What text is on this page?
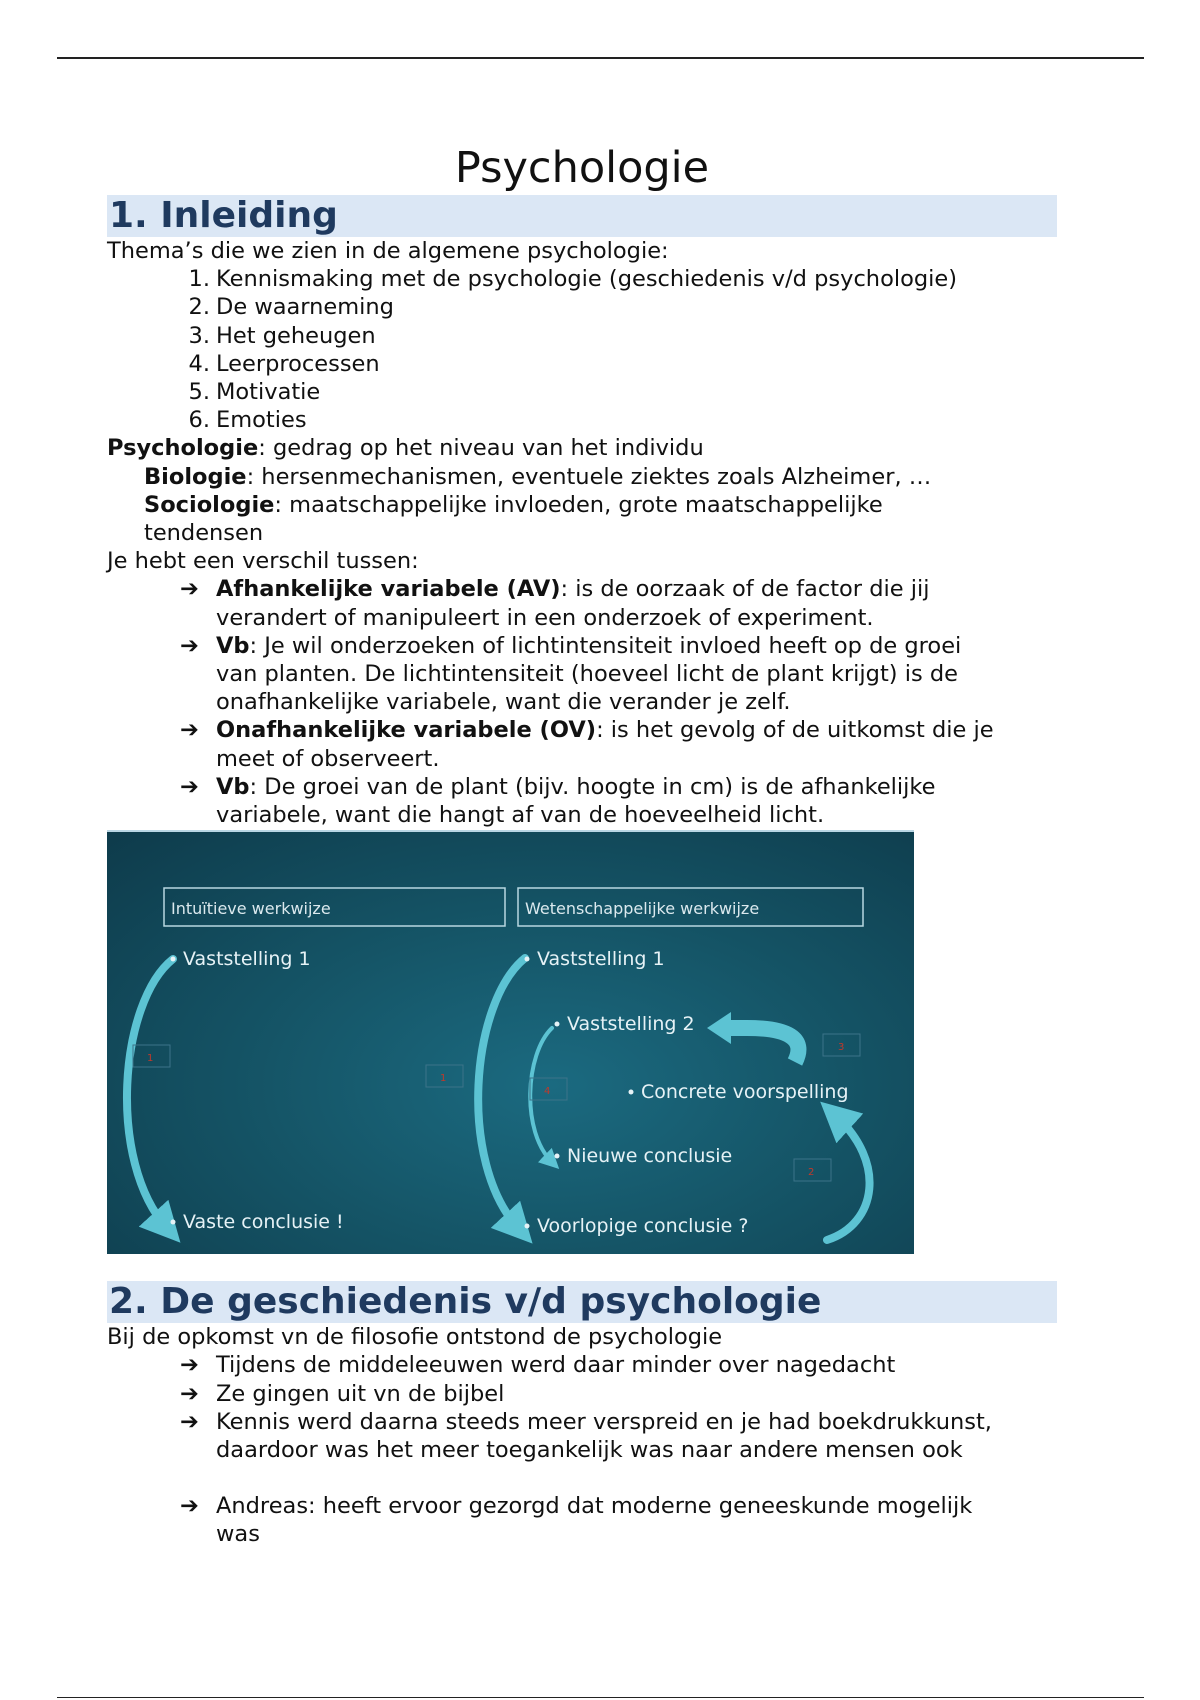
Psychologie
1. Inleiding
Thema’s die we zien in de algemene psychologie:
1. Kennismaking met de psychologie (geschiedenis v/d psychologie)
2. De waarneming
3. Het geheugen
4. Leerprocessen
5. Motivatie
6. Emoties
Psychologie: gedrag op het niveau van het individu
Biologie: hersenmechanismen, eventuele ziektes zoals Alzheimer, …
Sociologie: maatschappelijke invloeden, grote maatschappelijke
tendensen
Je hebt een verschil tussen:
➔ Afhankelijke variabele (AV): is de oorzaak of de factor die jij
verandert of manipuleert in een onderzoek of experiment.
➔ Vb: Je wil onderzoeken of lichtintensiteit invloed heeft op de groei
van planten. De lichtintensiteit (hoeveel licht de plant krijgt) is de
onafhankelijke variabele, want die verander je zelf.
➔ Onafhankelijke variabele (OV): is het gevolg of de uitkomst die je
meet of observeert.
➔ Vb: De groei van de plant (bijv. hoogte in cm) is de afhankelijke
variabele, want die hangt af van de hoeveelheid licht.
Intuïtieve werkwijze	Wetenschappelijke werkwijze
1
1
4
3
2
Vaststelling 1
Vaste conclusie !
Vaststelling 1
Vaststelling 2
Concrete voorspelling
Nieuwe conclusie
Voorlopige conclusie ?
2. De geschiedenis v/d psychologie
Bij de opkomst vn de filosofie ontstond de psychologie
➔ Tijdens de middeleeuwen werd daar minder over nagedacht
➔ Ze gingen uit vn de bijbel
➔ Kennis werd daarna steeds meer verspreid en je had boekdrukkunst,
daardoor was het meer toegankelijk was naar andere mensen ook
➔ Andreas: heeft ervoor gezorgd dat moderne geneeskunde mogelijk
was
